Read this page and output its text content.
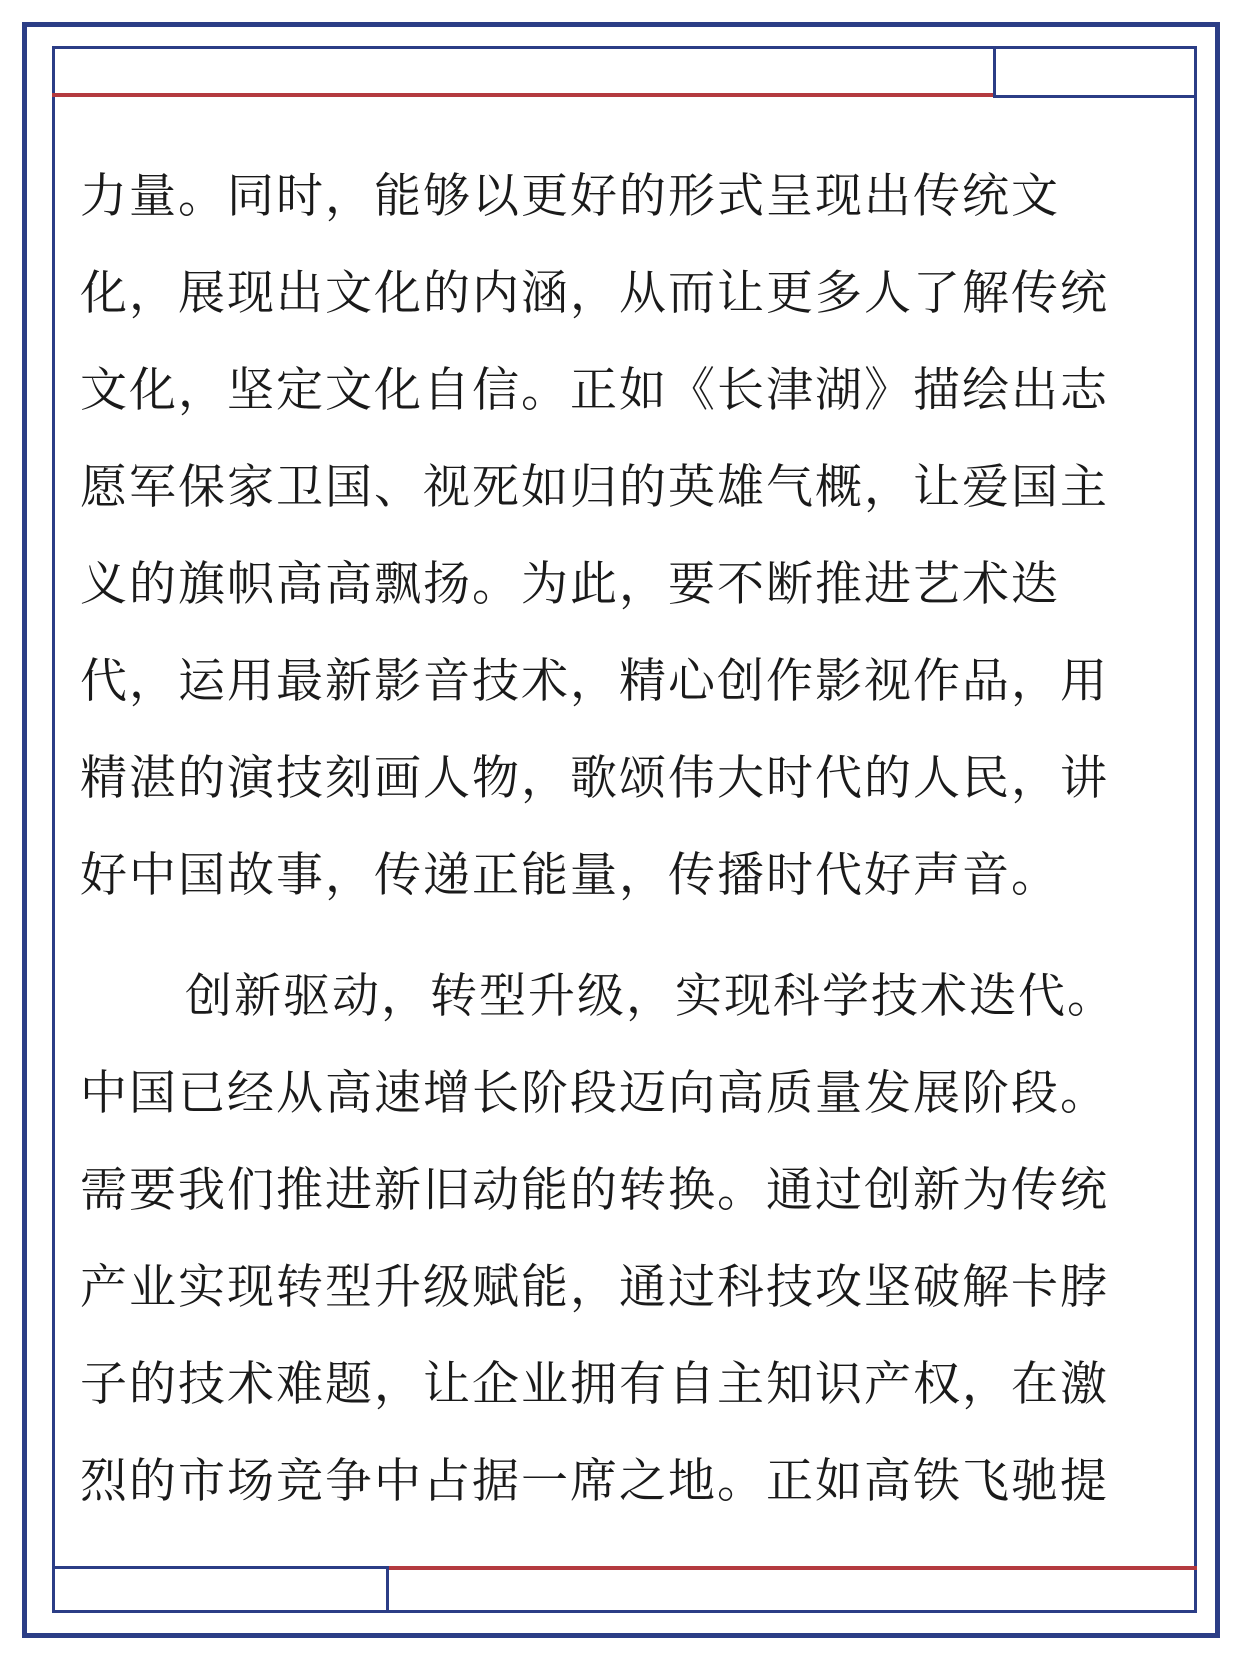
力量。同时，能够以更好的形式呈现出传统文
化，展现出文化的内涵，从而让更多人了解传统
文化，坚定文化自信。正如《长津湖》描绘出志
愿军保家卫国、视死如归的英雄气概，让爱国主
义的旗帜高高飘扬。为此，要不断推进艺术迭
代，运用最新影音技术，精心创作影视作品，用
精湛的演技刻画人物，歌颂伟大时代的人民，讲
好中国故事，传递正能量，传播时代好声音。
创新驱动，转型升级，实现科学技术迭代。
中国已经从高速增长阶段迈向高质量发展阶段。
需要我们推进新旧动能的转换。通过创新为传统
产业实现转型升级赋能，通过科技攻坚破解卡脖
子的技术难题，让企业拥有自主知识产权，在激
烈的市场竞争中占据一席之地。正如高铁飞驰提
